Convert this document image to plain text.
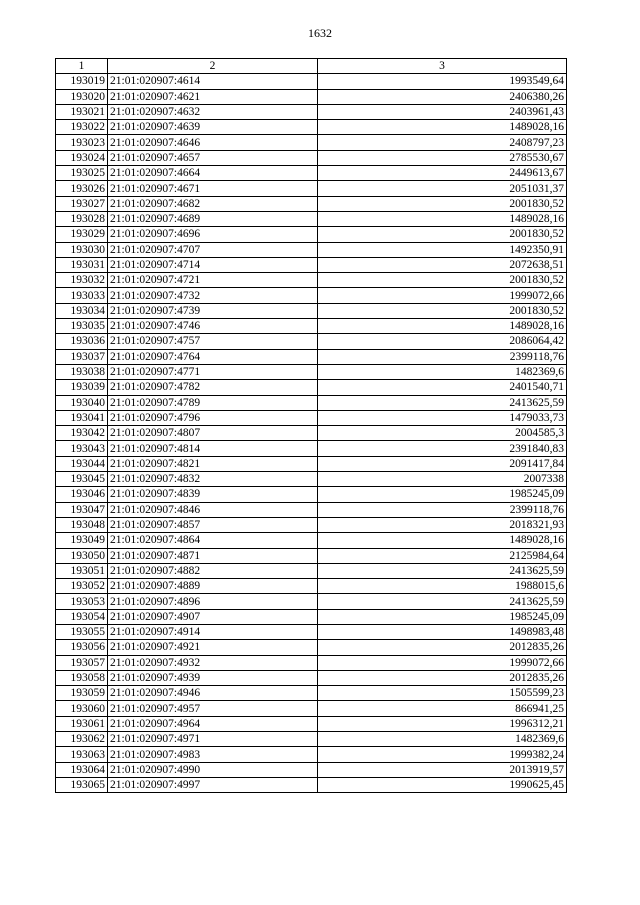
1632
1	2	3
193019	21:01:020907:4614	1993549,64
193020	21:01:020907:4621	2406380,26
193021	21:01:020907:4632	2403961,43
193022	21:01:020907:4639	1489028,16
193023	21:01:020907:4646	2408797,23
193024	21:01:020907:4657	2785530,67
193025	21:01:020907:4664	2449613,67
193026	21:01:020907:4671	2051031,37
193027	21:01:020907:4682	2001830,52
193028	21:01:020907:4689	1489028,16
193029	21:01:020907:4696	2001830,52
193030	21:01:020907:4707	1492350,91
193031	21:01:020907:4714	2072638,51
193032	21:01:020907:4721	2001830,52
193033	21:01:020907:4732	1999072,66
193034	21:01:020907:4739	2001830,52
193035	21:01:020907:4746	1489028,16
193036	21:01:020907:4757	2086064,42
193037	21:01:020907:4764	2399118,76
193038	21:01:020907:4771	1482369,6
193039	21:01:020907:4782	2401540,71
193040	21:01:020907:4789	2413625,59
193041	21:01:020907:4796	1479033,73
193042	21:01:020907:4807	2004585,3
193043	21:01:020907:4814	2391840,83
193044	21:01:020907:4821	2091417,84
193045	21:01:020907:4832	2007338
193046	21:01:020907:4839	1985245,09
193047	21:01:020907:4846	2399118,76
193048	21:01:020907:4857	2018321,93
193049	21:01:020907:4864	1489028,16
193050	21:01:020907:4871	2125984,64
193051	21:01:020907:4882	2413625,59
193052	21:01:020907:4889	1988015,6
193053	21:01:020907:4896	2413625,59
193054	21:01:020907:4907	1985245,09
193055	21:01:020907:4914	1498983,48
193056	21:01:020907:4921	2012835,26
193057	21:01:020907:4932	1999072,66
193058	21:01:020907:4939	2012835,26
193059	21:01:020907:4946	1505599,23
193060	21:01:020907:4957	866941,25
193061	21:01:020907:4964	1996312,21
193062	21:01:020907:4971	1482369,6
193063	21:01:020907:4983	1999382,24
193064	21:01:020907:4990	2013919,57
193065	21:01:020907:4997	1990625,45
